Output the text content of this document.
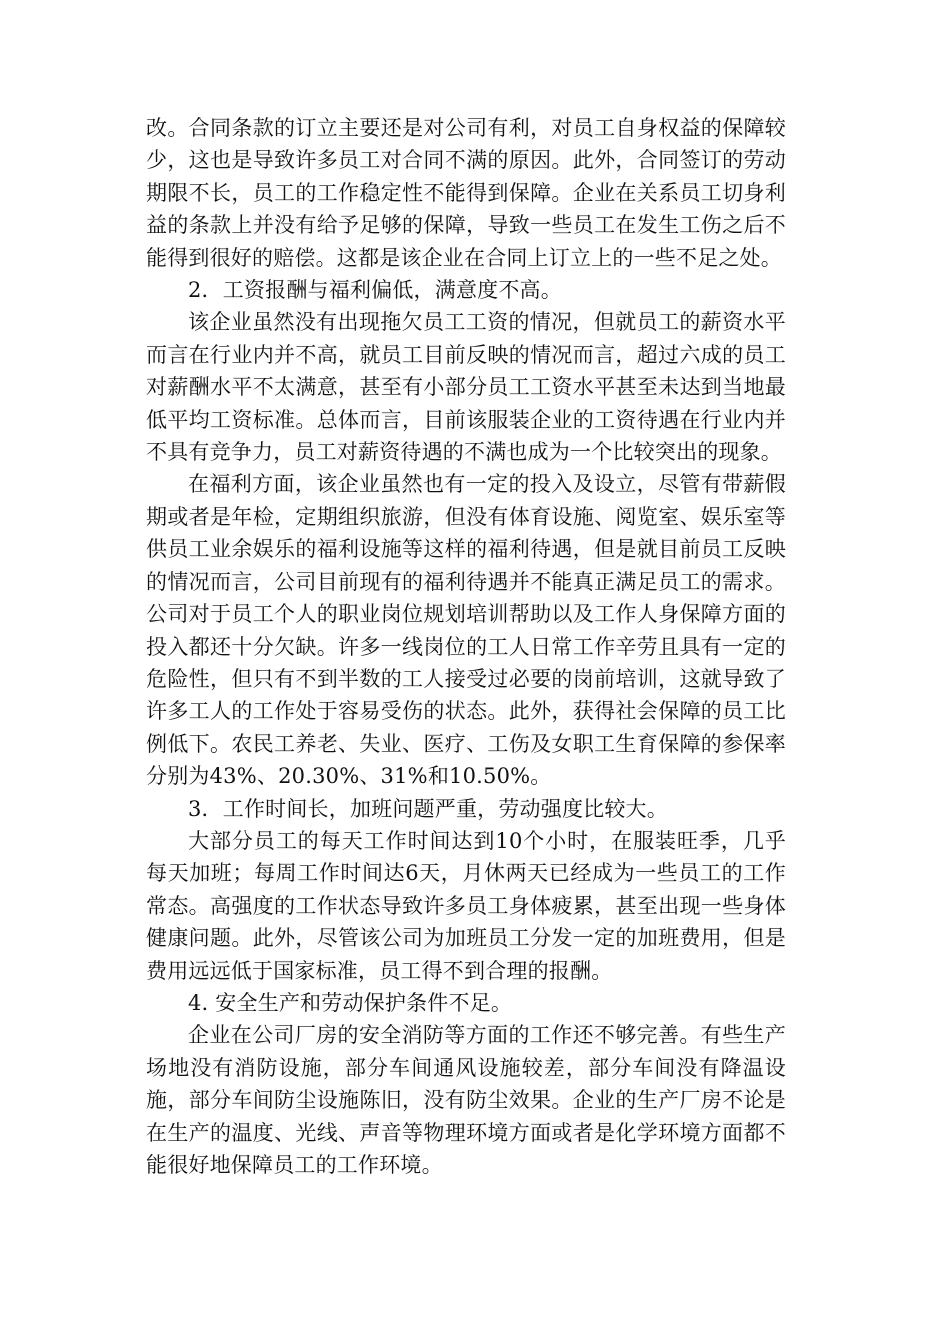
改。合同条款的订立主要还是对公司有利，对员工自身权益的保障较少，这也是导致许多员工对合同不满的原因。此外，合同签订的劳动期限不长，员工的工作稳定性不能得到保障。企业在关系员工切身利益的条款上并没有给予足够的保障，导致一些员工在发生工伤之后不能得到很好的赔偿。这都是该企业在合同上订立上的一些不足之处。

2．工资报酬与福利偏低，满意度不高。

该企业虽然没有出现拖欠员工工资的情况，但就员工的薪资水平而言在行业内并不高，就员工目前反映的情况而言，超过六成的员工对薪酬水平不太满意，甚至有小部分员工工资水平甚至未达到当地最低平均工资标准。总体而言，目前该服装企业的工资待遇在行业内并不具有竞争力，员工对薪资待遇的不满也成为一个比较突出的现象。

在福利方面，该企业虽然也有一定的投入及设立，尽管有带薪假期或者是年检，定期组织旅游，但没有体育设施、阅览室、娱乐室等供员工业余娱乐的福利设施等这样的福利待遇，但是就目前员工反映的情况而言，公司目前现有的福利待遇并不能真正满足员工的需求。公司对于员工个人的职业岗位规划培训帮助以及工作人身保障方面的投入都还十分欠缺。许多一线岗位的工人日常工作辛劳且具有一定的危险性，但只有不到半数的工人接受过必要的岗前培训，这就导致了许多工人的工作处于容易受伤的状态。此外，获得社会保障的员工比例低下。农民工养老、失业、医疗、工伤及女职工生育保障的参保率分别为43%、20.30%、31%和10.50%。

3．工作时间长，加班问题严重，劳动强度比较大。

大部分员工的每天工作时间达到10个小时，在服装旺季，几乎每天加班；每周工作时间达6天，月休两天已经成为一些员工的工作常态。高强度的工作状态导致许多员工身体疲累，甚至出现一些身体健康问题。此外，尽管该公司为加班员工分发一定的加班费用，但是费用远远低于国家标准，员工得不到合理的报酬。

4. 安全生产和劳动保护条件不足。

企业在公司厂房的安全消防等方面的工作还不够完善。有些生产场地没有消防设施，部分车间通风设施较差，部分车间没有降温设施，部分车间防尘设施陈旧，没有防尘效果。企业的生产厂房不论是在生产的温度、光线、声音等物理环境方面或者是化学环境方面都不能很好地保障员工的工作环境。
